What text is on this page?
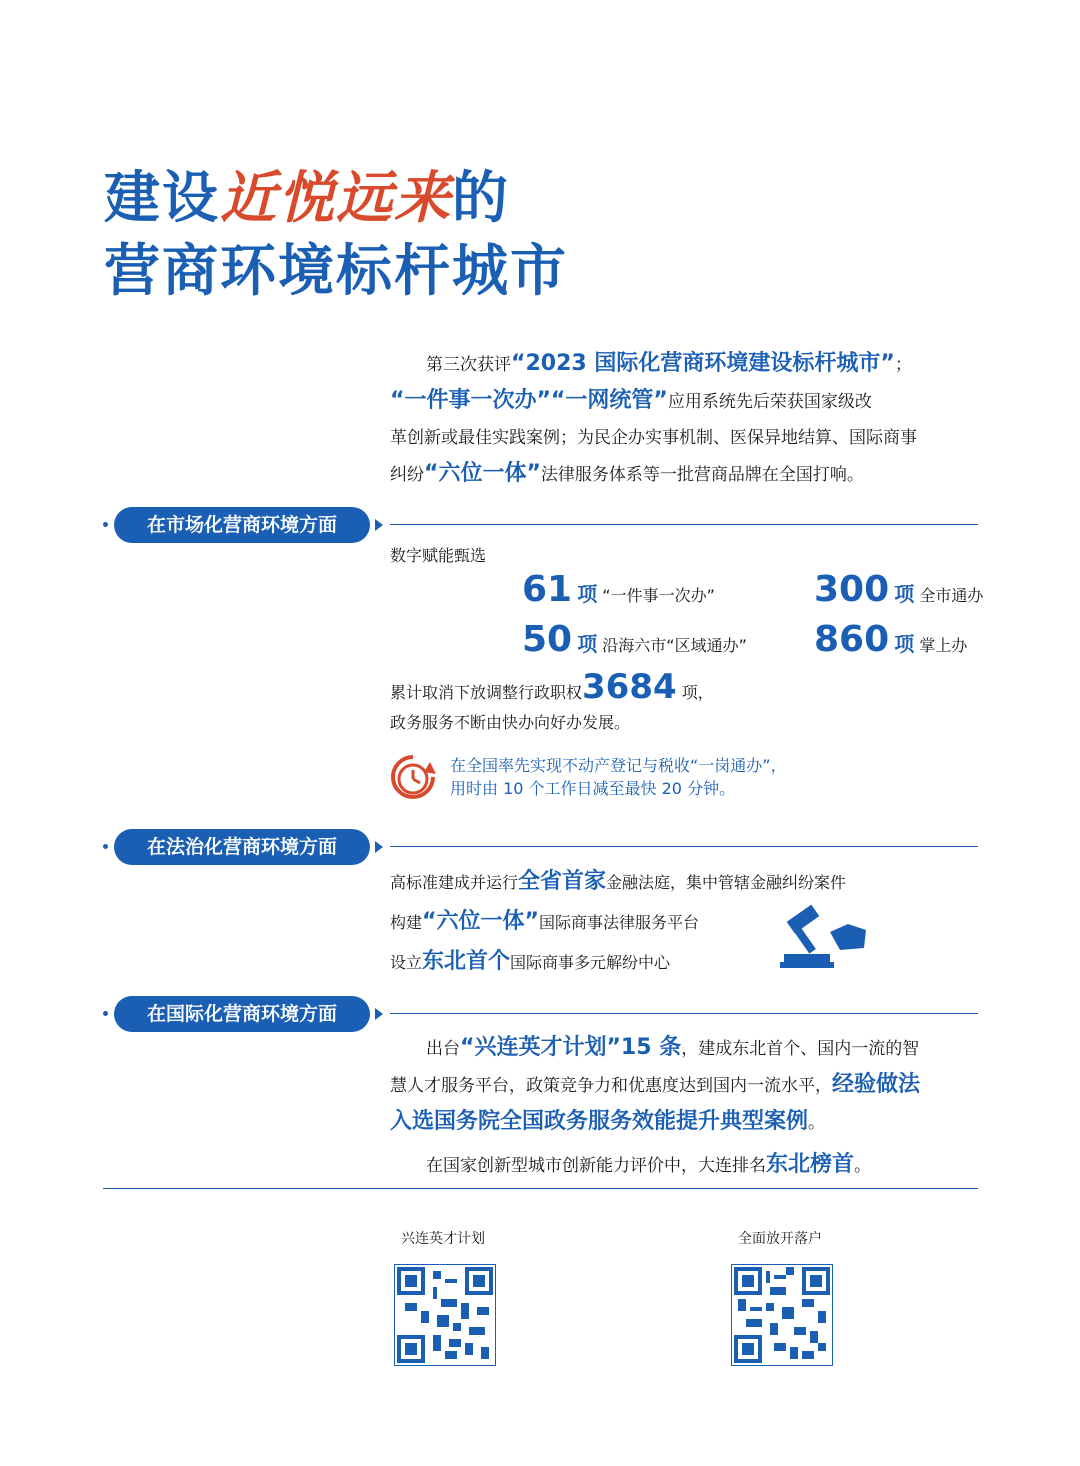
建设近悦远来的
营商环境标杆城市
第三次获评“2023 国际化营商环境建设标杆城市”；
“一件事一次办”“一网统管”应用系统先后荣获国家级改
革创新或最佳实践案例；为民企办实事机制、医保异地结算、国际商事
纠纷“六位一体”法律服务体系等一批营商品牌在全国打响。
在市场化营商环境方面
数字赋能甄选
61 项 “一件事一次办”	300 项 全市通办
50 项 沿海六市“区域通办” 860 项 掌上办
累计取消下放调整行政职权3684 项，
政务服务不断由快办向好办发展。
在全国率先实现不动产登记与税收“一岗通办”，
用时由 10 个工作日减至最快 20 分钟。
在法治化营商环境方面
高标准建成并运行全省首家金融法庭，集中管辖金融纠纷案件
构建“六位一体”国际商事法律服务平台
设立东北首个国际商事多元解纷中心
在国际化营商环境方面
出台“兴连英才计划”15 条，建成东北首个、国内一流的智
慧人才服务平台，政策竞争力和优惠度达到国内一流水平，经验做法
入选国务院全国政务服务效能提升典型案例。
在国家创新型城市创新能力评价中，大连排名东北榜首。
兴连英才计划	全面放开落户
